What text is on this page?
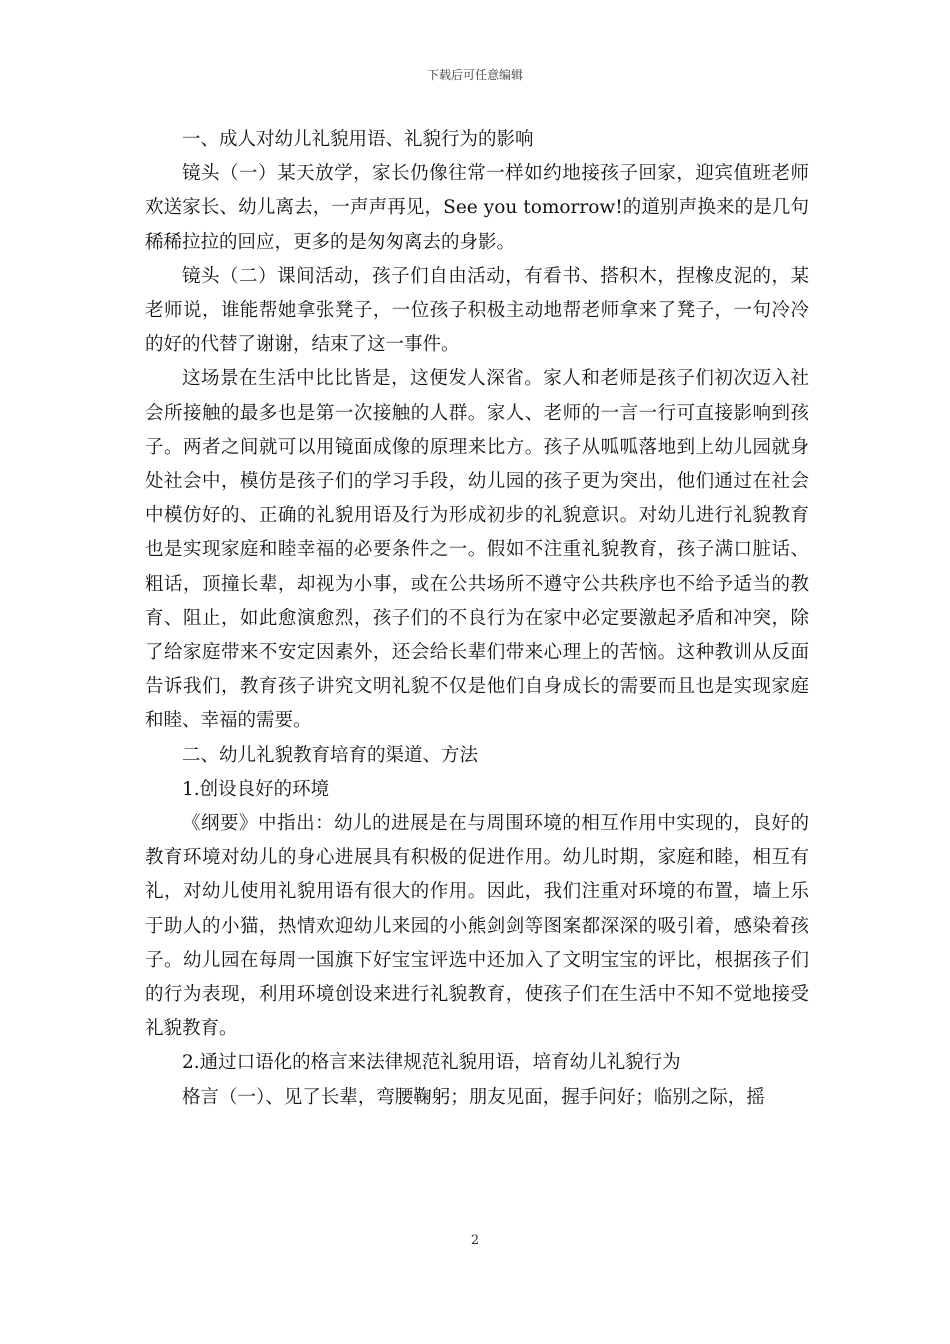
下载后可任意编辑

一、成人对幼儿礼貌用语、礼貌行为的影响

镜头（一）某天放学，家长仍像往常一样如约地接孩子回家，迎宾值班老师欢送家长、幼儿离去，一声声再见，See you tomorrow!的道别声换来的是几句稀稀拉拉的回应，更多的是匆匆离去的身影。

镜头（二）课间活动，孩子们自由活动，有看书、搭积木，捏橡皮泥的，某老师说，谁能帮她拿张凳子，一位孩子积极主动地帮老师拿来了凳子，一句冷冷的好的代替了谢谢，结束了这一事件。

这场景在生活中比比皆是，这便发人深省。家人和老师是孩子们初次迈入社会所接触的最多也是第一次接触的人群。家人、老师的一言一行可直接影响到孩子。两者之间就可以用镜面成像的原理来比方。孩子从呱呱落地到上幼儿园就身处社会中，模仿是孩子们的学习手段，幼儿园的孩子更为突出，他们通过在社会中模仿好的、正确的礼貌用语及行为形成初步的礼貌意识。对幼儿进行礼貌教育也是实现家庭和睦幸福的必要条件之一。假如不注重礼貌教育，孩子满口脏话、粗话，顶撞长辈，却视为小事，或在公共场所不遵守公共秩序也不给予适当的教育、阻止，如此愈演愈烈，孩子们的不良行为在家中必定要激起矛盾和冲突，除了给家庭带来不安定因素外，还会给长辈们带来心理上的苦恼。这种教训从反面告诉我们，教育孩子讲究文明礼貌不仅是他们自身成长的需要而且也是实现家庭和睦、幸福的需要。

二、幼儿礼貌教育培育的渠道、方法

1.创设良好的环境

《纲要》中指出：幼儿的进展是在与周围环境的相互作用中实现的，良好的教育环境对幼儿的身心进展具有积极的促进作用。幼儿时期，家庭和睦，相互有礼，对幼儿使用礼貌用语有很大的作用。因此，我们注重对环境的布置，墙上乐于助人的小猫，热情欢迎幼儿来园的小熊剑剑等图案都深深的吸引着，感染着孩子。幼儿园在每周一国旗下好宝宝评选中还加入了文明宝宝的评比，根据孩子们的行为表现，利用环境创设来进行礼貌教育，使孩子们在生活中不知不觉地接受礼貌教育。

2.通过口语化的格言来法律规范礼貌用语，培育幼儿礼貌行为

格言（一）、见了长辈，弯腰鞠躬；朋友见面，握手问好；临别之际，摇

2
